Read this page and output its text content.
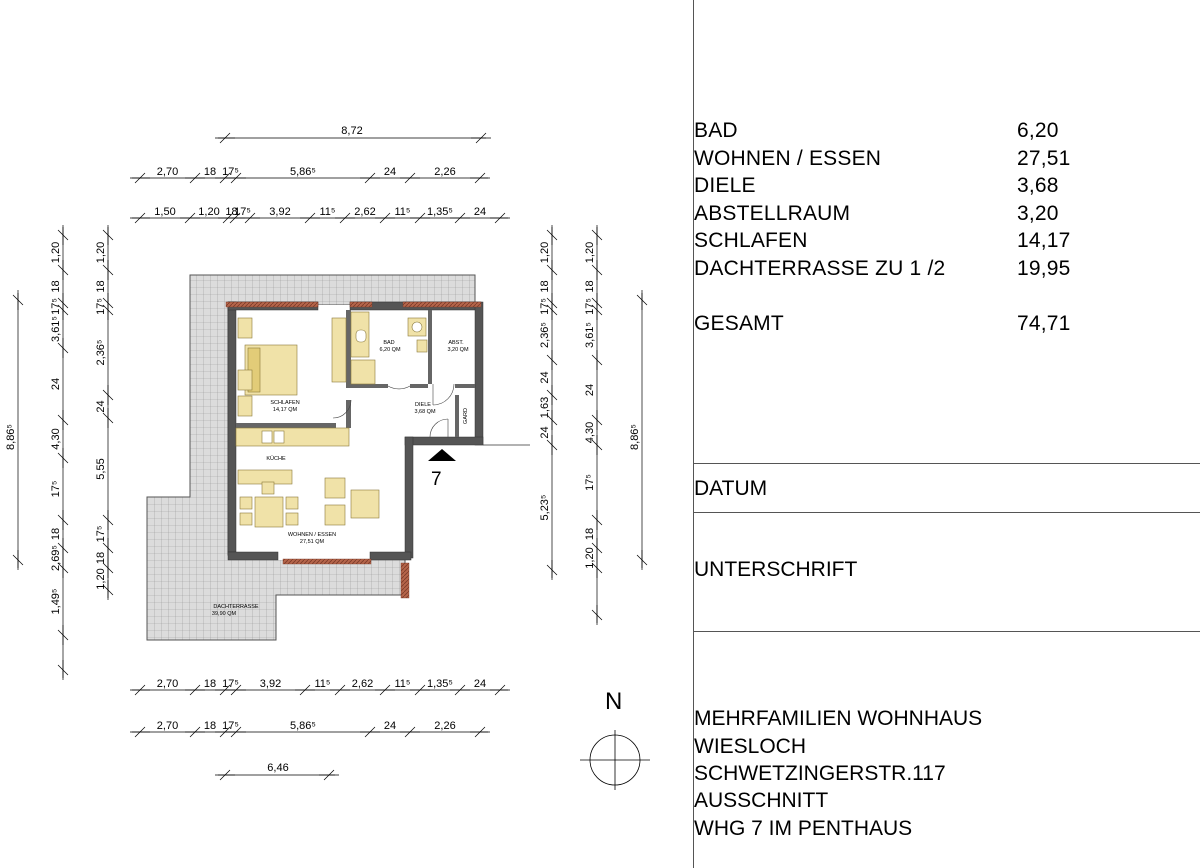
7
SCHLAFEN
14,17 QM
BAD
6,20 QM
ABST.
3,20 QM
DIELE
3,68 QM
KÜCHE
WOHNEN / ESSEN
27,51 QM
DACHTERRASSE
39,90 QM
GARD
8,72
2,70 18 17⁵	5,86⁵	24	2,26
1,50 1,20 18
17⁵ 3,92	11⁵ 2,62 11⁵ 1,35⁵ 24
2,70 18 17⁵ 3,92	11⁵ 2,62 11⁵ 1,35⁵ 24
2,70 18 17⁵	5,86⁵	24	2,26
6,46
8,86⁵
1,20
18
17⁵
3,61⁵
24
4,30
17⁵
18
2,69⁵
1,49⁵
1,20
18
17⁵
2,36⁵
24
5,55
17⁵
18
1,20
1,20
18
17⁵
2,36⁵
24
1,63
24
5,23⁵
1,20
18
17⁵
3,61⁵
24
4,30
17⁵
18
1,20
8,86⁵
N
BAD	6,20
WOHNEN / ESSEN	27,51
DIELE	3,68
ABSTELLRAUM	3,20
SCHLAFEN	14,17
DACHTERRASSE ZU 1 /2	19,95
GESAMT	74,71
DATUM
UNTERSCHRIFT
MEHRFAMILIEN WOHNHAUS
WIESLOCH
SCHWETZINGERSTR.117
AUSSCHNITT
WHG 7 IM PENTHAUS
